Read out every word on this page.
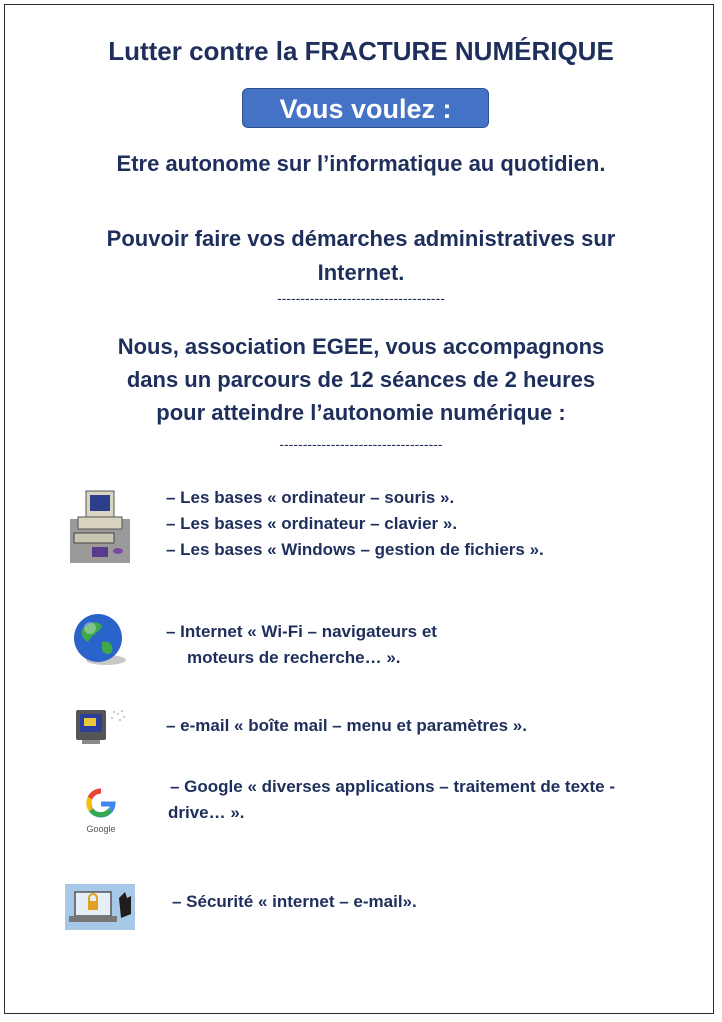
Lutter contre la FRACTURE NUMÉRIQUE
Vous voulez :
Etre autonome sur l’informatique au quotidien.
Pouvoir faire vos démarches administratives sur
Internet.
------------------------------------
Nous, association EGEE, vous accompagnons
dans un parcours de 12 séances de 2 heures
pour atteindre l’autonomie numérique :
-----------------------------------
– Les bases « ordinateur – souris ».
– Les bases « ordinateur – clavier ».
– Les bases « Windows – gestion de fichiers ».
– Internet « Wi-Fi – navigateurs et
moteurs de recherche… ».
– e-mail « boîte mail – menu et paramètres ».
Google
– Google « diverses applications – traitement de texte -
drive… ».
– Sécurité « internet – e-mail».
